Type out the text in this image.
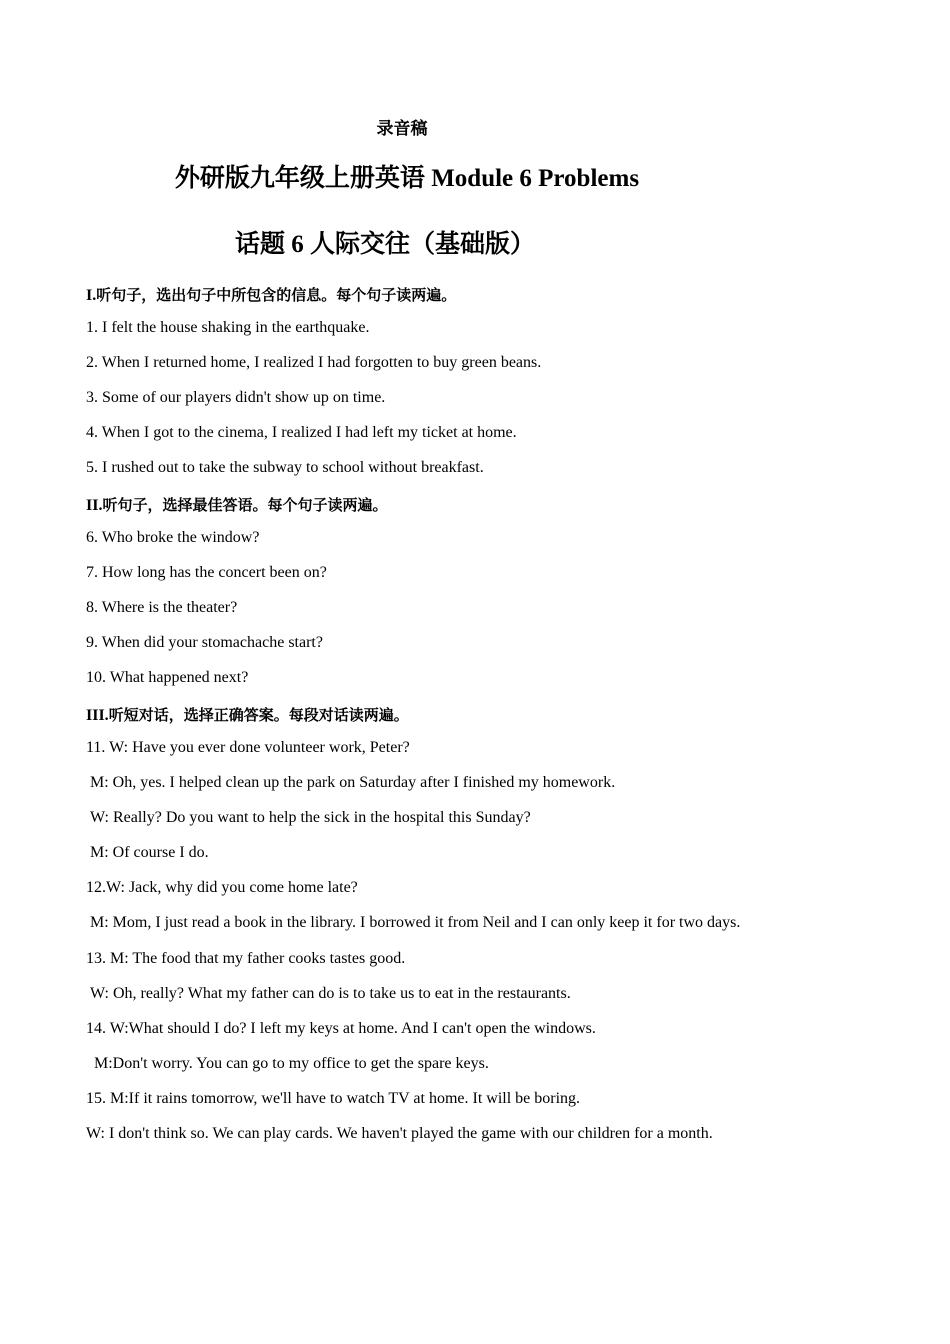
录音稿
外研版九年级上册英语 Module 6 Problems
话题 6 人际交往（基础版）
I.听句子，选出句子中所包含的信息。每个句子读两遍。
1. I felt the house shaking in the earthquake.
2. When I returned home, I realized I had forgotten to buy green beans.
3. Some of our players didn't show up on time.
4. When I got to the cinema, I realized I had left my ticket at home.
5. I rushed out to take the subway to school without breakfast.
II.听句子，选择最佳答语。每个句子读两遍。
6. Who broke the window?
7. How long has the concert been on?
8. Where is the theater?
9. When did your stomachache start?
10. What happened next?
III.听短对话，选择正确答案。每段对话读两遍。
11. W: Have you ever done volunteer work, Peter?
M: Oh, yes. I helped clean up the park on Saturday after I finished my homework.
W: Really? Do you want to help the sick in the hospital this Sunday?
M: Of course I do.
12.W: Jack, why did you come home late?
M: Mom, I just read a book in the library. I borrowed it from Neil and I can only keep it for two days.
13. M: The food that my father cooks tastes good.
W: Oh, really? What my father can do is to take us to eat in the restaurants.
14. W:What should I do? I left my keys at home. And I can't open the windows.
M:Don't worry. You can go to my office to get the spare keys.
15. M:If it rains tomorrow, we'll have to watch TV at home. It will be boring.
W: I don't think so. We can play cards. We haven't played the game with our children for a month.
